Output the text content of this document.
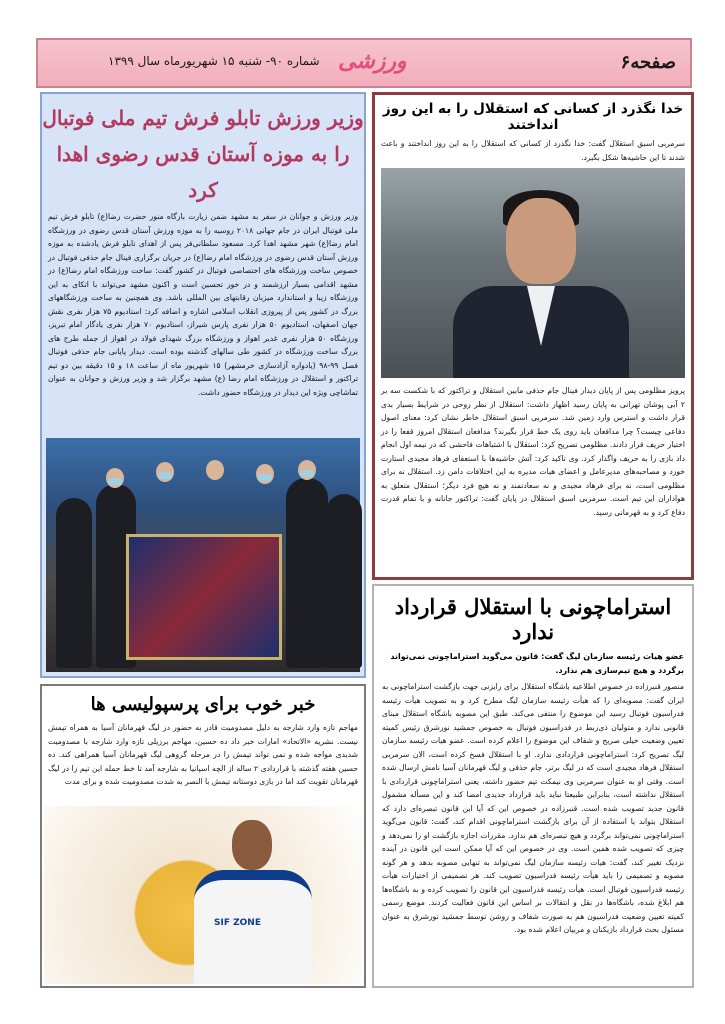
صفحه۶
ورزشی
شماره ۹۰- شنبه ۱۵ شهریورماه سال ۱۳۹۹
خدا نگذرد از کسانی که استقلال را به این روز انداختند

سرمربی اسبق استقلال گفت: خدا نگذرد از کسانی که استقلال را به این روز انداختند و باعث شدند تا این حاشیه‌ها شکل بگیرد.

پرویز مظلومی پس از پایان دیدار فینال جام حذفی مابین استقلال و تراکتور که با شکست سه بر ۲ آبی پوشان تهرانی به پایان رسید اظهار داشت: استقلال از نظر روحی در شرایط بسیار بدی قرار داشت و استرس وارد زمین شد. سرمربی اسبق استقلال خاطر نشان کرد: معنای اصول دفاعی چیست؟ چرا مدافعان باید روی یک خط قرار بگیرند؟ مدافعان استقلال امروز قفعا را در اختیار حریف قرار دادند. مظلومی تصریح کرد: استقلال با اشتباهات فاحشی که در نیمه اول انجام داد بازی را به حریف واگذار کرد. وی تاکید کرد: آتش حاشیه‌ها با استعفای فرهاد مجیدی استارت خورد و مصاحبه‌های مدیرعامل و اعضای هیات مدیره به این اختلافات دامن زد. استقلال نه برای مظلومی است، نه برای فرهاد مجیدی و نه سعادتمند و نه هیچ فرد دیگر؛ استقلال متعلق به هواداران این تیم است. سرمربی اسبق استقلال در پایان گفت: تراکتور جانانه و با تمام قدرت دفاع کرد و به قهرمانی رسید.

وزیر ورزش تابلو فرش تیم ملی فوتبال را به موزه آستان قدس رضوی اهدا کرد

وزیر ورزش و جوانان در سفر به مشهد ضمن زیارت بارگاه منور حضرت رضا(ع) تابلو فرش تیم ملی فوتبال ایران در جام جهانی ۲۰۱۸ روسیه را به موزه ورزش آستان قدس رضوی در ورزشگاه امام رضا(ع) شهر مشهد اهدا کرد. مسعود سلطانی‌فر پس از اهدای تابلو فرش یادشده به موزه ورزش آستان قدس رضوی در ورزشگاه امام رضا(ع) در جریان برگزاری فینال جام حذفی فوتبال در خصوص ساخت ورزشگاه های اختصاصی فوتبال در کشور گفت: ساخت ورزشگاه امام رضا(ع) در مشهد اقدامی بسیار ارزشمند و در خور تحسین است و اکنون مشهد می‌تواند با اتکای به این ورزشگاه زیبا و استاندارد میزبان رقابتهای بین المللی باشد. وی همچنین به ساخت ورزشگاههای بزرگ در کشور پس از پیروزی انقلاب اسلامی اشاره و اضافه کرد: استادیوم ۷۵ هزار نفری نقش جهان اصفهان، استادیوم ۵۰ هزار نفری پارس شیراز، استادیوم ۷۰ هزار نفری یادگار امام تبریز، ورزشگاه ۵۰ هزار نفری غدیر اهواز و ورزشگاه بزرگ شهدای فولاد در اهواز از جمله طرح های بزرگ ساخت ورزشگاه در کشور طی سالهای گذشته بوده است. دیدار پایانی جام حذفی فوتبال فصل ۹۹-۹۸ (یادواره آزادسازی خرمشهر) ۱۵ شهریور ماه از ساعت ۱۸ و ۱۵ دقیقه بین دو تیم تراکتور و استقلال در ورزشگاه امام رضا (ع) مشهد برگزار شد و وزیر ورزش و جوانان به عنوان تماشاچی ویژه این دیدار در ورزشگاه حضور داشت.

استراماچونی با استقلال قرارداد ندارد
عضو هیات رئیسه سازمان لیگ گفت: قانون می‌گوید استراماچونی نمی‌تواند برگردد و هیچ تیم‌سازی هم ندارد.

منصور قنبرزاده در خصوص اطلاعیه باشگاه استقلال برای رایزنی جهت بازگشت استراماچونی به ایران گفت: مصوبه‌ای را که هیأت رئیسه سازمان لیگ مطرح کرد و به تصویب هیأت رئیسه فدراسیون فوتبال رسید این موضوع را منتفی می‌کند. طبق این مصوبه باشگاه استقلال مبنای قانونی ندارد و متولیان ذی‌ربط در فدراسیون فوتبال به خصوص جمشید نورشرق رئیس کمیته تعیین وضعیت خیلی صریح و شفاف این موضوع را اعلام کرده است. عضو هیات رئیسه سازمان لیگ تصریح کرد: استراماچونی قراردادی ندارد. او با استقلال فسخ کرده است، الان سرمربی استقلال فرهاد مجیدی است که در لیگ برتر، جام حذفی و لیگ قهرمانان آسیا نامش ارسال شده است. وقتی او به عنوان سرمربی وی نیمکت تیم حضور داشته، یعنی استراماچونی قراردادی با استقلال نداشته است، بنابراین طبیعتا نباید باید قرارداد جدیدی امضا کند و این مسأله مشمول قانون جدید تصویب شده است. قنبرزاده در خصوص این که آیا این قانون تبصره‌ای دارد که استقلال بتواند با استفاده از آن برای بازگشت استراماچونی اقدام کند، گفت: قانون می‌گوید استراماچونی نمی‌تواند برگردد و هیچ تبصره‌ای هم ندارد. مقررات اجازه بازگشت او را نمی‌دهد و چیزی که تصویب شده همین است. وی در خصوص این که آیا ممکن است این قانون در آینده نزدیک تغییر کند، گفت: هیات رئیسه سازمان لیگ نمی‌تواند به تنهایی مصوبه بدهد و هر گونه مصوبه و تصمیمی را باید هیأت رئیسه فدراسیون تصویب کند. هر تصمیمی از اختیارات هیأت رئیسه فدراسیون فوتبال است. هیأت رئیسه فدراسیون این قانون را تصویب کرده و به باشگاه‌ها هم ابلاغ شده، باشگاه‌ها در نقل و انتقالات بر اساس این قانون فعالیت کردند. موضع رسمی کمیته تعیین وضعیت فدراسیون هم به صورت شفاف و روشن توسط جمشید نورشرق به عنوان مسئول بحث قرارداد بازیکنان و مربیان اعلام شده بود.

خبر خوب برای پرسپولیسی ها

مهاجم تازه وارد شارجه به دلیل مصدومیت قادر به حضور در لیگ قهرمانان آسیا به همراه تیمش نیست. نشریه «الاتحاد» امارات خبر داد ده حسین، مهاجم برزیلی تازه وارد شارجه با مصدومیت شدیدی مواجه شده و نمی تواند تیمش را در مرحله گروهی لیگ قهرمانان آسیا همراهی کند. ده حسین هفته گذشته با قراردادی ۲ ساله از الچه اسپانیا به شارجه آمد تا خط حمله این تیم را در لیگ قهرمانان تقویت کند اما در بازی دوستانه تیمش با النصر به شدت مصدومیت شده و برای مدت

SIF ZONE
